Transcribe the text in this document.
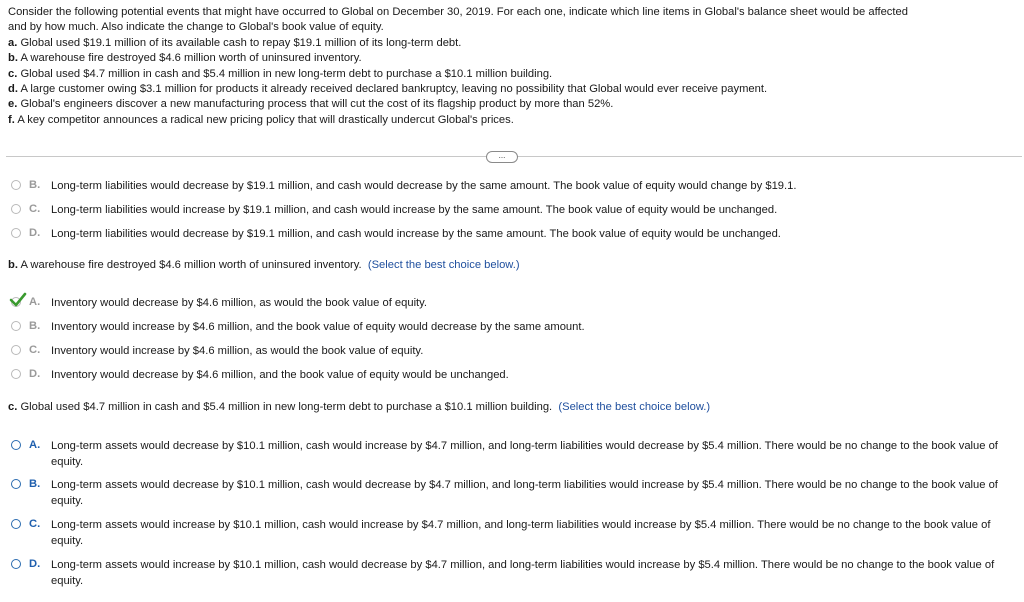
Consider the following potential events that might have occurred to Global on December 30, 2019. For each one, indicate which line items in Global's balance sheet would be affected
and by how much. Also indicate the change to Global's book value of equity.
a. Global used $19.1 million of its available cash to repay $19.1 million of its long-term debt.
b. A warehouse fire destroyed $4.6 million worth of uninsured inventory.
c. Global used $4.7 million in cash and $5.4 million in new long-term debt to purchase a $10.1 million building.
d. A large customer owing $3.1 million for products it already received declared bankruptcy, leaving no possibility that Global would ever receive payment.
e. Global's engineers discover a new manufacturing process that will cut the cost of its flagship product by more than 52%.
f. A key competitor announces a radical new pricing policy that will drastically undercut Global's prices.
...
B. Long-term liabilities would decrease by $19.1 million, and cash would decrease by the same amount. The book value of equity would change by $19.1.
C. Long-term liabilities would increase by $19.1 million, and cash would increase by the same amount. The book value of equity would be unchanged.
D. Long-term liabilities would decrease by $19.1 million, and cash would increase by the same amount. The book value of equity would be unchanged.
b. A warehouse fire destroyed $4.6 million worth of uninsured inventory. (Select the best choice below.)
A. Inventory would decrease by $4.6 million, as would the book value of equity.
B. Inventory would increase by $4.6 million, and the book value of equity would decrease by the same amount.
C. Inventory would increase by $4.6 million, as would the book value of equity.
D. Inventory would decrease by $4.6 million, and the book value of equity would be unchanged.
c. Global used $4.7 million in cash and $5.4 million in new long-term debt to purchase a $10.1 million building. (Select the best choice below.)
A. Long-term assets would decrease by $10.1 million, cash would increase by $4.7 million, and long-term liabilities would decrease by $5.4 million. There would be no change to the book value of equity.
B. Long-term assets would decrease by $10.1 million, cash would decrease by $4.7 million, and long-term liabilities would increase by $5.4 million. There would be no change to the book value of equity.
C. Long-term assets would increase by $10.1 million, cash would increase by $4.7 million, and long-term liabilities would increase by $5.4 million. There would be no change to the book value of equity.
D. Long-term assets would increase by $10.1 million, cash would decrease by $4.7 million, and long-term liabilities would increase by $5.4 million. There would be no change to the book value of equity.
